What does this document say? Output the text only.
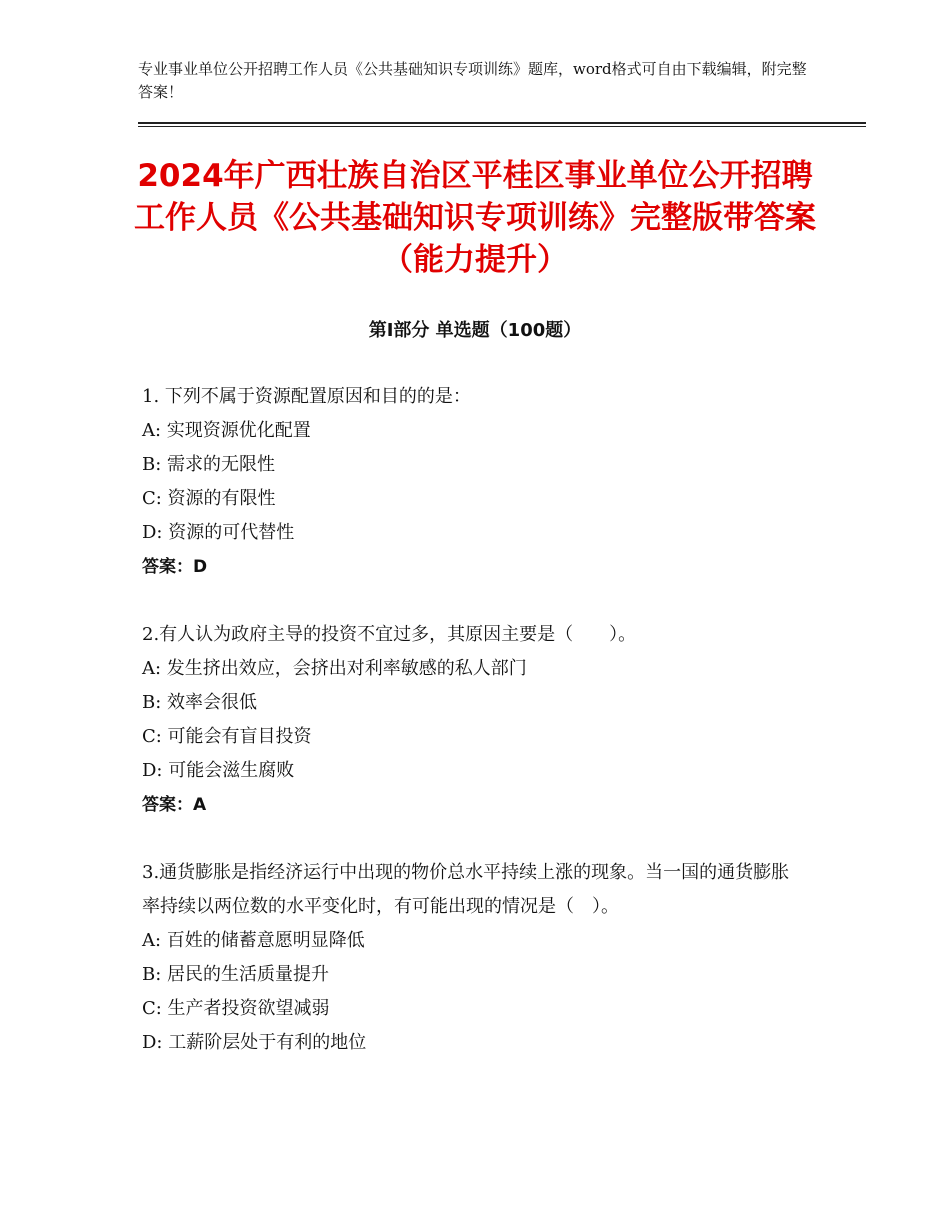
专业事业单位公开招聘工作人员《公共基础知识专项训练》题库，word格式可自由下载编辑，附完整答案！
2024年广西壮族自治区平桂区事业单位公开招聘工作人员《公共基础知识专项训练》完整版带答案（能力提升）
第Ⅰ部分 单选题（100题）
1. 下列不属于资源配置原因和目的的是：
A: 实现资源优化配置
B: 需求的无限性
C: 资源的有限性
D: 资源的可代替性
答案：D
2.有人认为政府主导的投资不宜过多，其原因主要是（　　）。
A: 发生挤出效应，会挤出对利率敏感的私人部门
B: 效率会很低
C: 可能会有盲目投资
D: 可能会滋生腐败
答案：A
3.通货膨胀是指经济运行中出现的物价总水平持续上涨的现象。当一国的通货膨胀率持续以两位数的水平变化时，有可能出现的情况是（　）。
A: 百姓的储蓄意愿明显降低
B: 居民的生活质量提升
C: 生产者投资欲望减弱
D: 工薪阶层处于有利的地位
